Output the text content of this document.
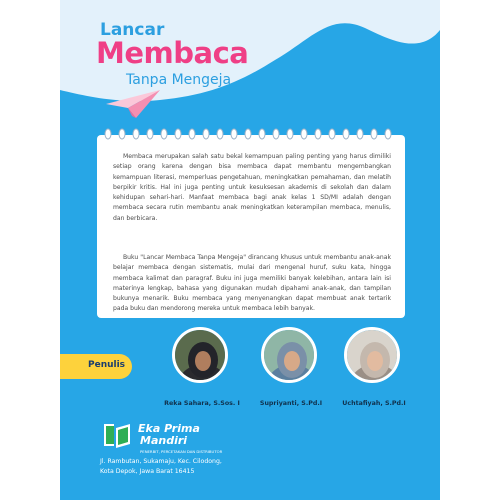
Lancar
Membaca
Tanpa Mengeja
Membaca merupakan salah satu bekal kemampuan paling penting yang harus dimiliki setiap orang karena dengan bisa membaca dapat membantu mengembangkan kemampuan literasi, memperluas pengetahuan, meningkatkan pemahaman, dan melatih berpikir kritis. Hal ini juga penting untuk kesuksesan akademis di sekolah dan dalam kehidupan sehari-hari. Manfaat membaca bagi anak kelas 1 SD/MI adalah dengan membaca secara rutin membantu anak meningkatkan keterampilan membaca, menulis, dan berbicara.
Buku "Lancar Membaca Tanpa Mengeja" dirancang khusus untuk membantu anak-anak belajar membaca dengan sistematis, mulai dari mengenal huruf, suku kata, hingga membaca kalimat dan paragraf. Buku ini juga memiliki banyak kelebihan, antara lain isi materinya lengkap, bahasa yang digunakan mudah dipahami anak-anak, dan tampilan bukunya menarik. Buku membaca yang menyenangkan dapat membuat anak tertarik pada buku dan mendorong mereka untuk membaca lebih banyak.
Penulis
Reka Sahara, S.Sos. I	Supriyanti, S.Pd.I	Uchtafiyah, S.Pd.I
Eka Prima
Mandiri
PENERBIT, PERCETAKAN DAN DISTRIBUTOR
Jl. Rambutan, Sukamaju, Kec. Cilodong,
Kota Depok, Jawa Barat 16415
